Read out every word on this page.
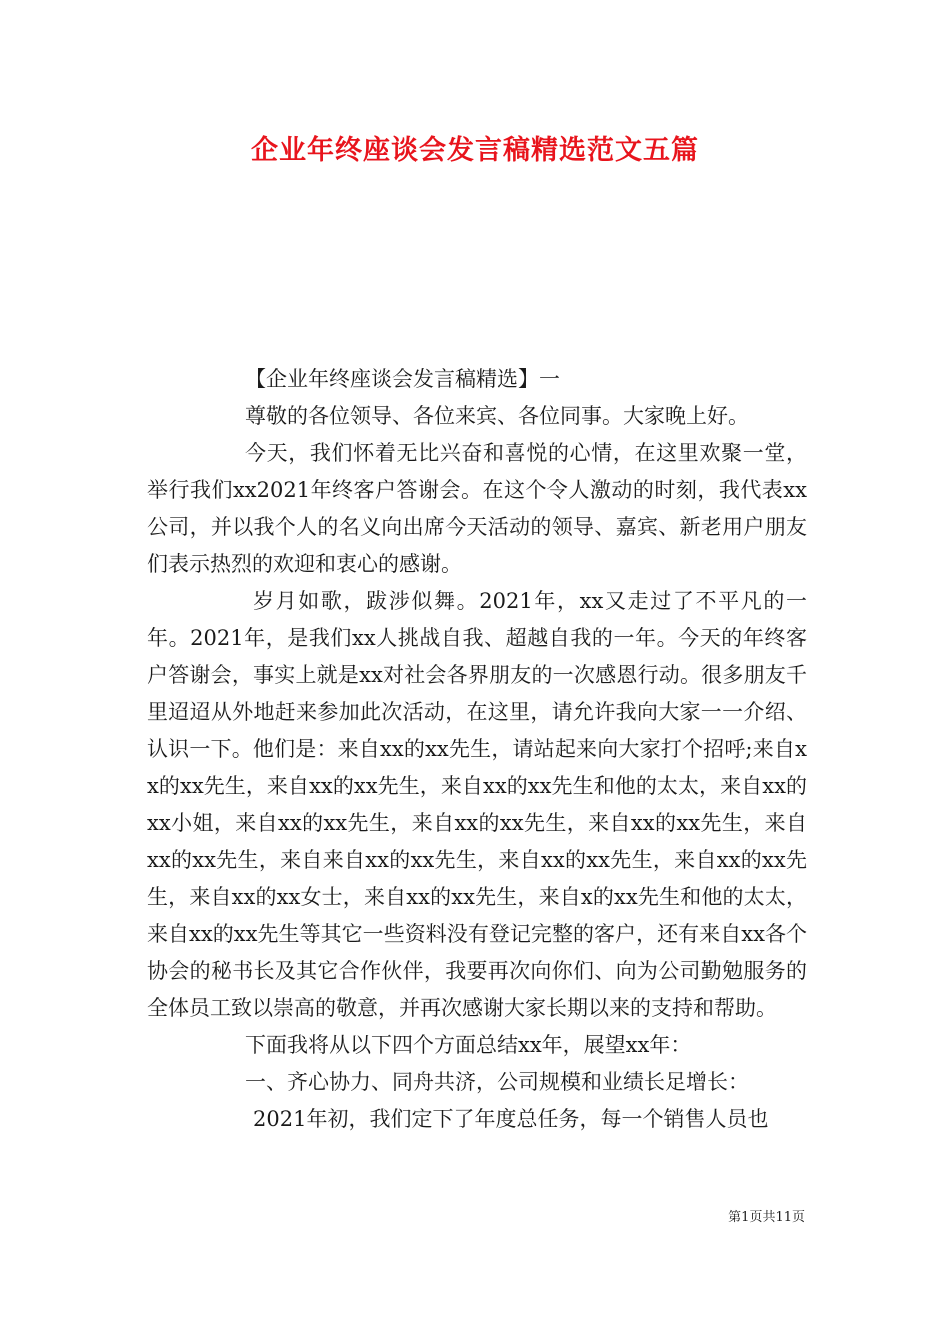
企业年终座谈会发言稿精选范文五篇

【企业年终座谈会发言稿精选】一

尊敬的各位领导、各位来宾、各位同事。大家晚上好。

今天，我们怀着无比兴奋和喜悦的心情，在这里欢聚一堂，举行我们xx2021年终客户答谢会。在这个令人激动的时刻，我代表xx公司，并以我个人的名义向出席今天活动的领导、嘉宾、新老用户朋友们表示热烈的欢迎和衷心的感谢。

岁月如歌，跋涉似舞。2021年，xx又走过了不平凡的一年。2021年，是我们xx人挑战自我、超越自我的一年。今天的年终客户答谢会，事实上就是xx对社会各界朋友的一次感恩行动。很多朋友千里迢迢从外地赶来参加此次活动，在这里，请允许我向大家一一介绍、认识一下。他们是：来自xx的xx先生，请站起来向大家打个招呼;来自xx的xx先生，来自xx的xx先生，来自xx的xx先生和他的太太，来自xx的xx小姐，来自xx的xx先生，来自xx的xx先生，来自xx的xx先生，来自xx的xx先生，来自来自xx的xx先生，来自xx的xx先生，来自xx的xx先生，来自xx的xx女士，来自xx的xx先生，来自x的xx先生和他的太太，来自xx的xx先生等其它一些资料没有登记完整的客户，还有来自xx各个协会的秘书长及其它合作伙伴，我要再次向你们、向为公司勤勉服务的全体员工致以崇高的敬意，并再次感谢大家长期以来的支持和帮助。

下面我将从以下四个方面总结xx年，展望xx年：

一、齐心协力、同舟共济，公司规模和业绩长足增长：

2021年初，我们定下了年度总任务，每一个销售人员也

第1页共11页
